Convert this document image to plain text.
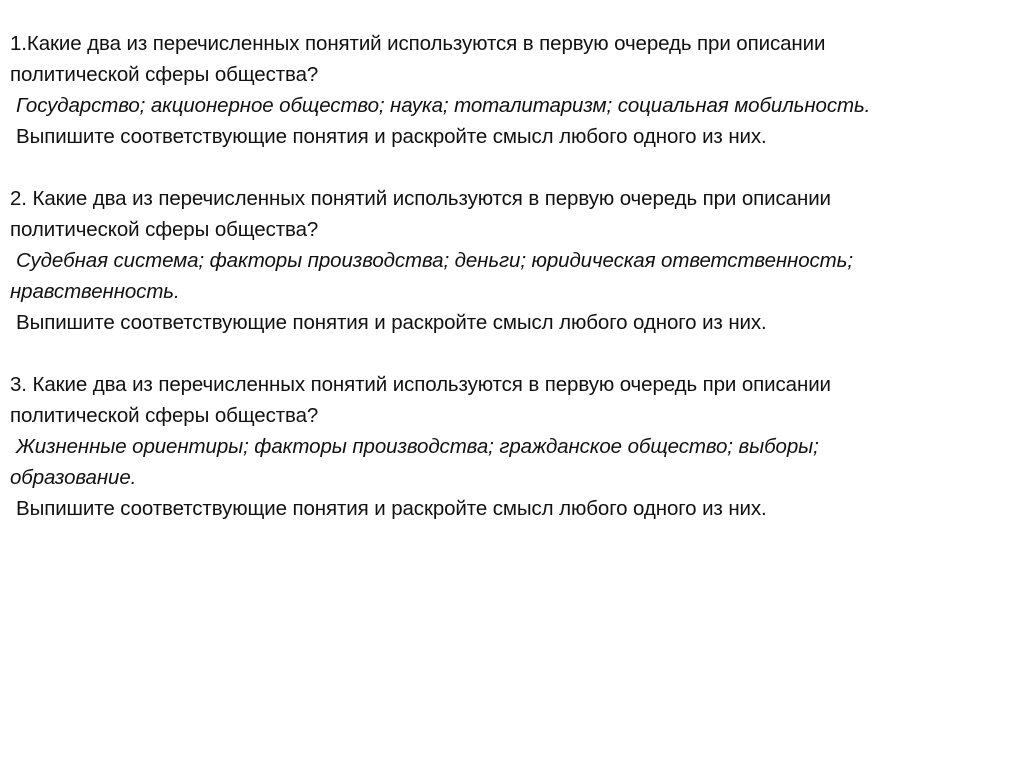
1.Какие два из перечисленных понятий используются в первую очередь при описании
политической сферы общества?
Государство; акционерное общество; наука; тоталитаризм; социальная мобильность.
Выпишите соответствующие понятия и раскройте смысл любого одного из них.
2. Какие два из перечисленных понятий используются в первую очередь при описании
политической сферы общества?
Судебная система; факторы производства; деньги; юридическая ответственность;
нравственность.
Выпишите соответствующие понятия и раскройте смысл любого одного из них.
3. Какие два из перечисленных понятий используются в первую очередь при описании
политической сферы общества?
Жизненные ориентиры; факторы производства; гражданское общество; выборы;
образование.
Выпишите соответствующие понятия и раскройте смысл любого одного из них.
